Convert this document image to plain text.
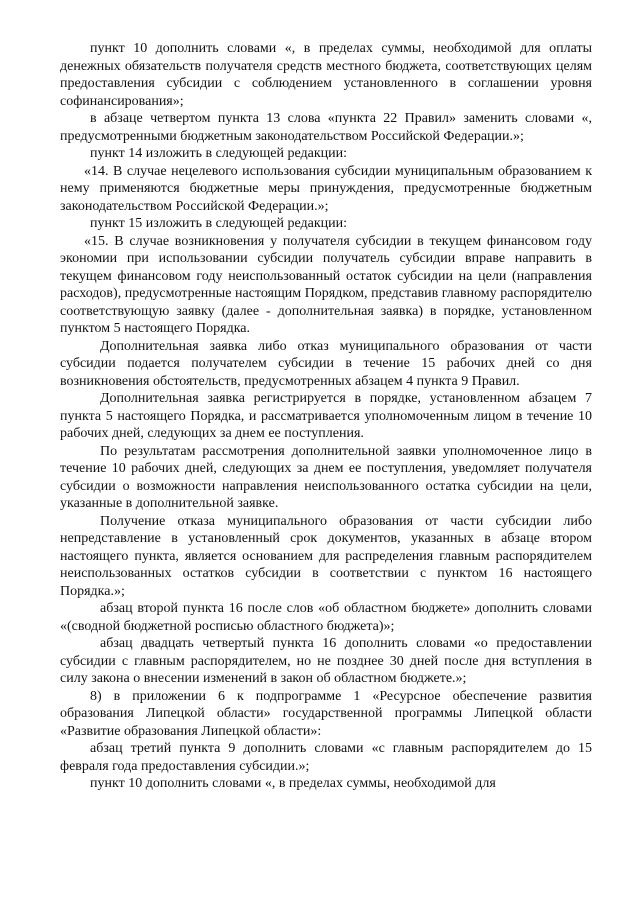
пункт 10 дополнить словами «, в пределах суммы, необходимой для оплаты денежных обязательств получателя средств местного бюджета, соответствующих целям предоставления субсидии с соблюдением установленного в соглашении уровня софинансирования»;

в абзаце четвертом пункта 13 слова «пункта 22 Правил» заменить словами «, предусмотренными бюджетным законодательством Российской Федерации.»;

пункт 14 изложить в следующей редакции:

«14. В случае нецелевого использования субсидии муниципальным образованием к нему применяются бюджетные меры принуждения, предусмотренные бюджетным законодательством Российской Федерации.»;

пункт 15 изложить в следующей редакции:

«15. В случае возникновения у получателя субсидии в текущем финансовом году экономии при использовании субсидии получатель субсидии вправе направить в текущем финансовом году неиспользованный остаток субсидии на цели (направления расходов), предусмотренные настоящим Порядком, представив главному распорядителю соответствующую заявку (далее - дополнительная заявка) в порядке, установленном пунктом 5 настоящего Порядка.

Дополнительная заявка либо отказ муниципального образования от части субсидии подается получателем субсидии в течение 15 рабочих дней со дня возникновения обстоятельств, предусмотренных абзацем 4 пункта 9 Правил.

Дополнительная заявка регистрируется в порядке, установленном абзацем 7 пункта 5 настоящего Порядка, и рассматривается уполномоченным лицом в течение 10 рабочих дней, следующих за днем ее поступления.

По результатам рассмотрения дополнительной заявки уполномоченное лицо в течение 10 рабочих дней, следующих за днем ее поступления, уведомляет получателя субсидии о возможности направления неиспользованного остатка субсидии на цели, указанные в дополнительной заявке.

Получение отказа муниципального образования от части субсидии либо непредставление в установленный срок документов, указанных в абзаце втором настоящего пункта, является основанием для распределения главным распорядителем неиспользованных остатков субсидии в соответствии с пунктом 16 настоящего Порядка.»;

абзац второй пункта 16 после слов «об областном бюджете» дополнить словами «(сводной бюджетной росписью областного бюджета)»;

абзац двадцать четвертый пункта 16 дополнить словами «о предоставлении субсидии с главным распорядителем, но не позднее 30 дней после дня вступления в силу закона о внесении изменений в закон об областном бюджете.»;

8) в приложении 6 к подпрограмме 1 «Ресурсное обеспечение развития образования Липецкой области» государственной программы Липецкой области «Развитие образования Липецкой области»:

абзац третий пункта 9 дополнить словами «с главным распорядителем до 15 февраля года предоставления субсидии.»;

пункт 10 дополнить словами «, в пределах суммы, необходимой для
